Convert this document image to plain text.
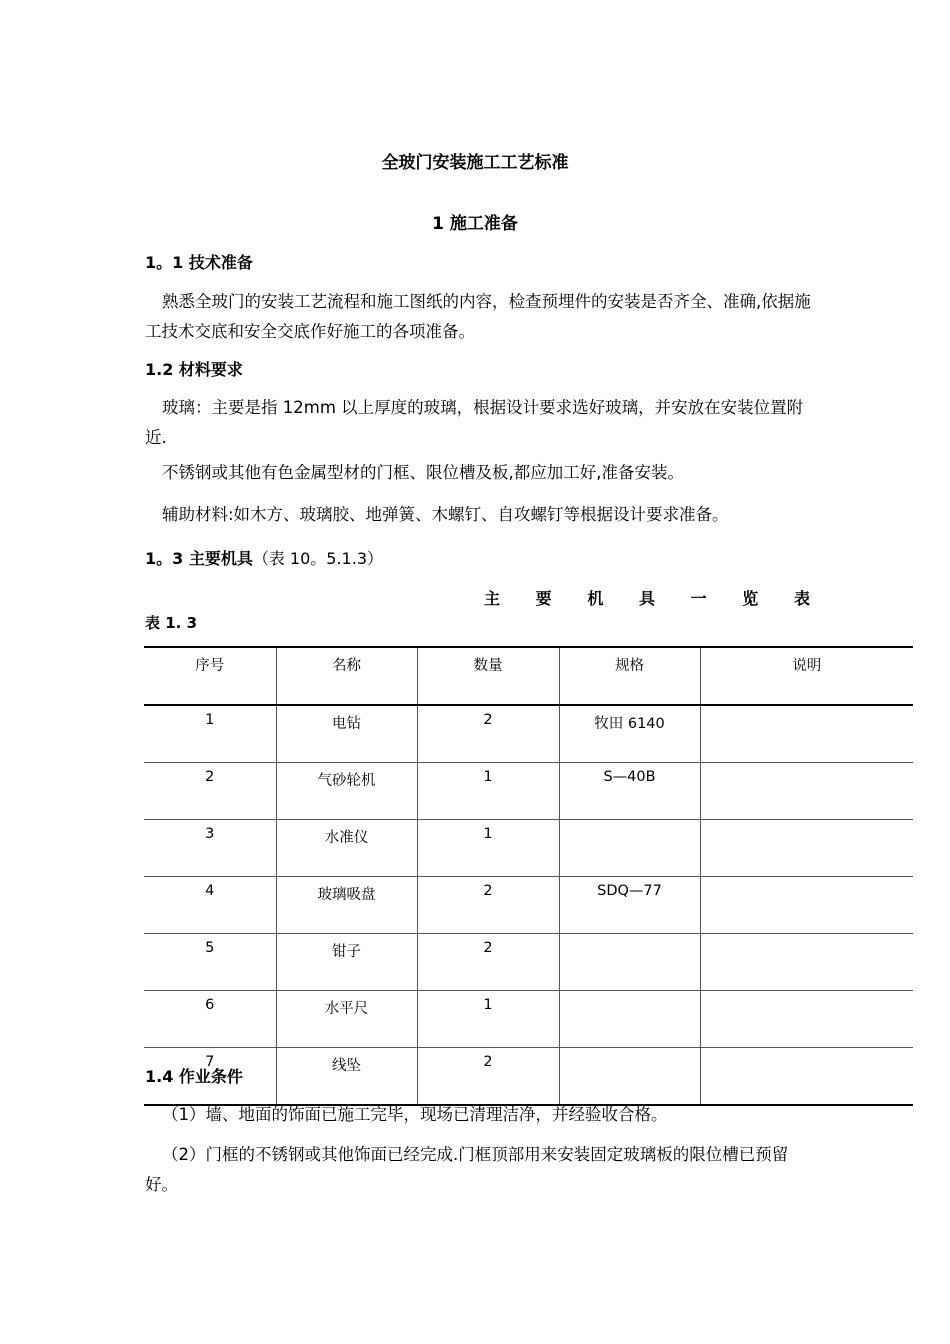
全玻门安装施工工艺标准
1 施工准备
1。1 技术准备
熟悉全玻门的安装工艺流程和施工图纸的内容，检查预埋件的安装是否齐全、准确,依据施工技术交底和安全交底作好施工的各项准备。
1.2 材料要求
玻璃：主要是指 12mm 以上厚度的玻璃，根据设计要求选好玻璃，并安放在安装位置附近.
不锈钢或其他有色金属型材的门框、限位槽及板,都应加工好,准备安装。
辅助材料:如木方、玻璃胶、地弹簧、木螺钉、自攻螺钉等根据设计要求准备。
1。3 主要机具（表 10。5.1.3）
主 要 机 具 一 览 表
表 1. 3
序号	名称	数量	规格	说明
1	电钻	2	牧田 6140	
2	气砂轮机	1	S—40B	
3	水准仪	1		
4	玻璃吸盘	2	SDQ—77	
5	钳子	2		
6	水平尺	1		
7	线坠	2		
1.4 作业条件
（1）墙、地面的饰面已施工完毕，现场已清理洁净，并经验收合格。
（2）门框的不锈钢或其他饰面已经完成.门框顶部用来安装固定玻璃板的限位槽已预留好。
